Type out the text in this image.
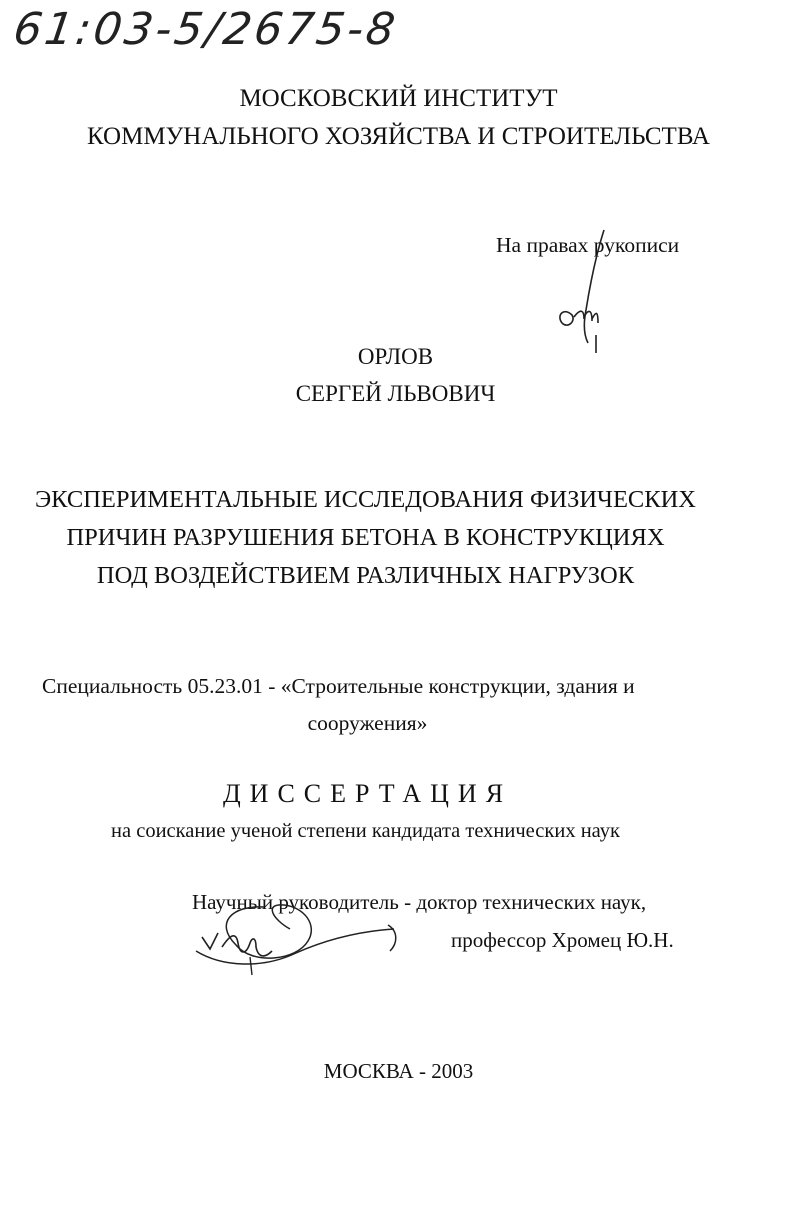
61:03-5/2675-8
МОСКОВСКИЙ ИНСТИТУТ
КОММУНАЛЬНОГО ХОЗЯЙСТВА И СТРОИТЕЛЬСТВА
На правах рукописи
ОРЛОВ
СЕРГЕЙ ЛЬВОВИЧ
ЭКСПЕРИМЕНТАЛЬНЫЕ ИССЛЕДОВАНИЯ ФИЗИЧЕСКИХ
ПРИЧИН РАЗРУШЕНИЯ БЕТОНА В КОНСТРУКЦИЯХ
ПОД ВОЗДЕЙСТВИЕМ РАЗЛИЧНЫХ НАГРУЗОК
Специальность 05.23.01 - «Строительные конструкции, здания и
сооружения»
ДИССЕРТАЦИЯ
на соискание ученой степени кандидата технических наук
Научный руководитель - доктор технических наук,
профессор Хромец Ю.Н.
МОСКВА - 2003
